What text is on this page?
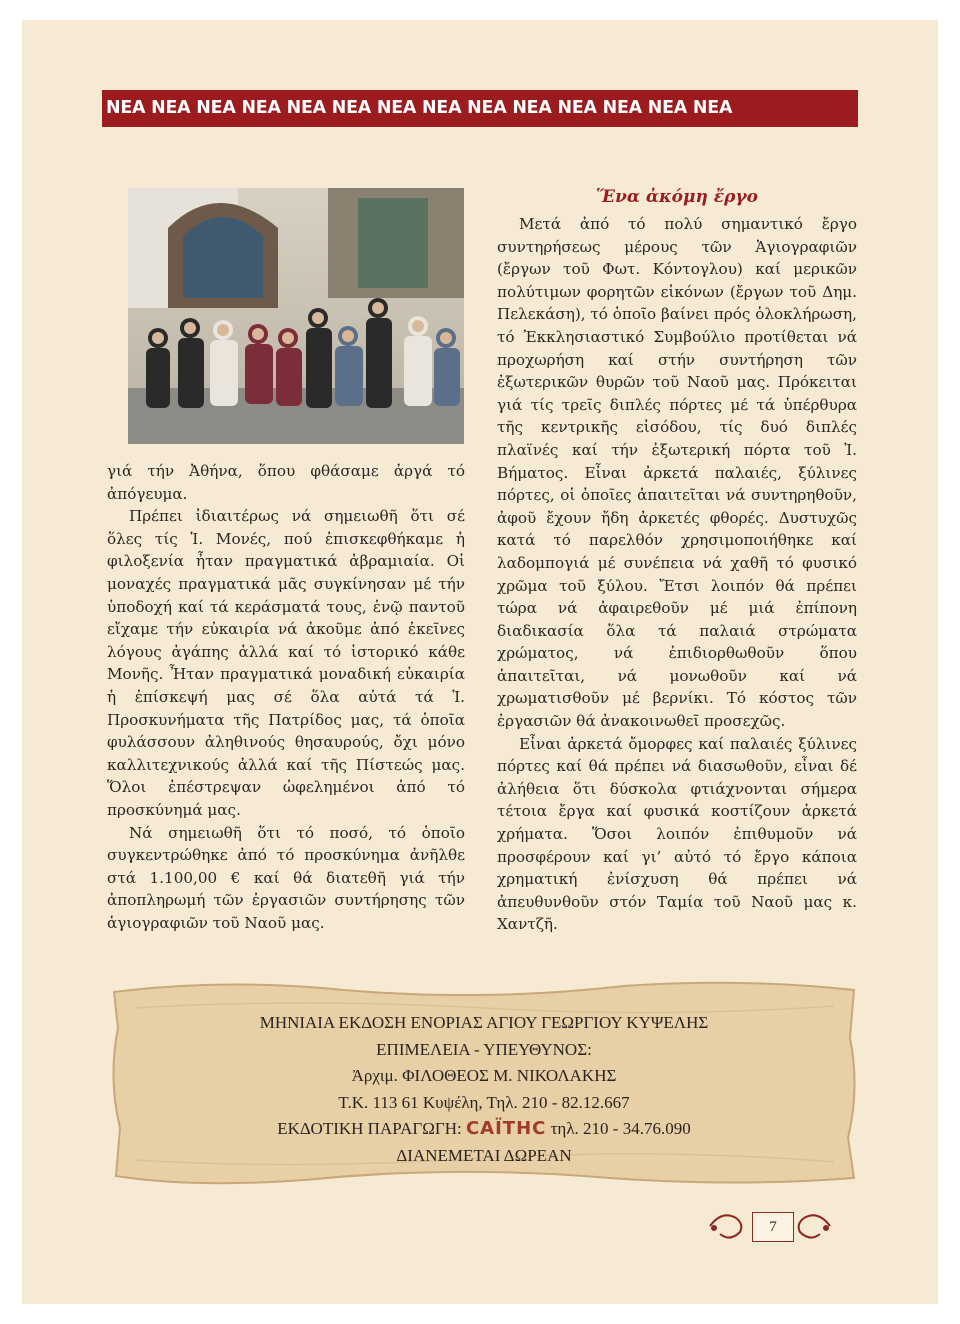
ΝΕΑ ΝΕΑ ΝΕΑ ΝΕΑ ΝΕΑ ΝΕΑ ΝΕΑ ΝΕΑ ΝΕΑ ΝΕΑ ΝΕΑ ΝΕΑ ΝΕΑ ΝΕΑ

γιά τήν Ἀθήνα, ὅπου φθάσαμε ἀργά τό ἀπόγευμα.

Πρέπει ἰδιαιτέρως νά σημειωθῆ ὅτι σέ ὅλες τίς Ἱ. Μονές, πού ἐπισκεφθήκαμε ἡ φιλοξενία ἦταν πραγματικά ἀβραμιαία. Οἱ μοναχές πραγματικά μᾶς συγκίνησαν μέ τήν ὑποδοχή καί τά κεράσματά τους, ἐνῷ παντοῦ εἴχαμε τήν εὐκαιρία νά ἀκοῦμε ἀπό ἐκεῖνες λόγους ἀγάπης ἀλλά καί τό ἱστορικό κάθε Μονῆς. Ἦταν πραγματικά μοναδική εὐκαιρία ἡ ἐπίσκεψή μας σέ ὅλα αὐτά τά Ἱ. Προσκυνήματα τῆς Πατρίδος μας, τά ὁποῖα φυλάσσουν ἀληθινούς θησαυρούς, ὄχι μόνο καλλιτεχνικούς ἀλλά καί τῆς Πίστεώς μας. Ὅλοι ἐπέστρεψαν ὠφελημένοι ἀπό τό προσκύνημά μας.

Νά σημειωθῆ ὅτι τό ποσό, τό ὁποῖο συγκεντρώθηκε ἀπό τό προσκύνημα ἀνῆλθε στά 1.100,00 € καί θά διατεθῆ γιά τήν ἀποπληρωμή τῶν ἐργασιῶν συντήρησης τῶν ἁγιογραφιῶν τοῦ Ναοῦ μας.

Ἕνα ἀκόμη ἔργο

Μετά ἀπό τό πολύ σημαντικό ἔργο συντηρήσεως μέρους τῶν Ἁγιογραφιῶν (ἔργων τοῦ Φωτ. Κόντογλου) καί μερικῶν πολύτιμων φορητῶν εἰκόνων (ἔργων τοῦ Δημ. Πελεκάση), τό ὁποῖο βαίνει πρός ὁλοκλήρωση, τό Ἐκκλησιαστικό Συμβούλιο προτίθεται νά προχωρήση καί στήν συντήρηση τῶν ἐξωτερικῶν θυρῶν τοῦ Ναοῦ μας. Πρόκειται γιά τίς τρεῖς διπλές πόρτες μέ τά ὑπέρθυρα τῆς κεντρικῆς εἰσόδου, τίς δυό διπλές πλαϊνές καί τήν ἐξωτερική πόρτα τοῦ Ἱ. Βήματος. Εἶναι ἀρκετά παλαιές, ξύλινες πόρτες, οἱ ὁποῖες ἀπαιτεῖται νά συντηρηθοῦν, ἀφοῦ ἔχουν ἤδη ἀρκετές φθορές. Δυστυχῶς κατά τό παρελθόν χρησιμοποιήθηκε καί λαδομπογιά μέ συνέπεια νά χαθῆ τό φυσικό χρῶμα τοῦ ξύλου. Ἔτσι λοιπόν θά πρέπει τώρα νά ἀφαιρεθοῦν μέ μιά ἐπίπονη διαδικασία ὅλα τά παλαιά στρώματα χρώματος, νά ἐπιδιορθωθοῦν ὅπου ἀπαιτεῖται, νά μονωθοῦν καί νά χρωματισθοῦν μέ βερνίκι. Τό κόστος τῶν ἐργασιῶν θά ἀνακοινωθεῖ προσεχῶς.

Εἶναι ἀρκετά ὄμορφες καί παλαιές ξύλινες πόρτες καί θά πρέπει νά διασωθοῦν, εἶναι δέ ἀλήθεια ὅτι δύσκολα φτιάχνονται σήμερα τέτοια ἔργα καί φυσικά κοστίζουν ἀρκετά χρήματα. Ὅσοι λοιπόν ἐπιθυμοῦν νά προσφέρουν καί γι’ αὐτό τό ἔργο κάποια χρηματική ἐνίσχυση θά πρέπει νά ἀπευθυνθοῦν στόν Ταμία τοῦ Ναοῦ μας κ. Χαντζῆ.

ΜΗΝΙΑΙΑ ΕΚΔΟΣΗ ΕΝΟΡΙΑΣ ΑΓΙΟΥ ΓΕΩΡΓΙΟΥ ΚΥΨΕΛΗΣ
ΕΠΙΜΕΛΕΙΑ - ΥΠΕΥΘΥΝΟΣ:
Ἀρχιμ. ΦΙΛΟΘΕΟΣ Μ. ΝΙΚΟΛΑΚΗΣ
Τ.Κ. 113 61 Κυψέλη, Τηλ. 210 - 82.12.667
ΕΚΔΟΤΙΚΗ ΠΑΡΑΓΩΓΗ: CAΪΤΗC τηλ. 210 - 34.76.090
ΔΙΑΝΕΜΕΤΑΙ ΔΩΡΕΑΝ
7
